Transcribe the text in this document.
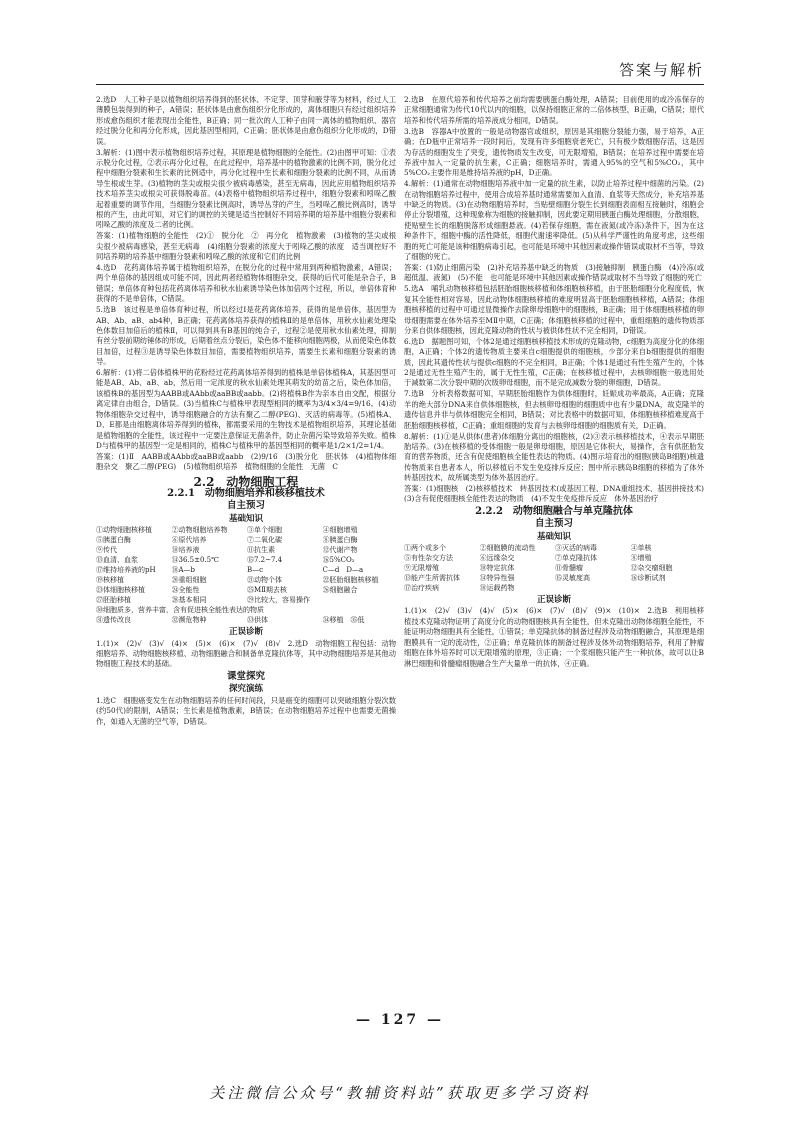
答案与解析

2.选D　人工种子是以植物组织培养得到的胚状体、不定芽、顶芽和腋芽等为材料，经过人工薄膜包装得到的种子，A错误；胚状体是由愈伤组织分化形成的，离体细胞只有经过组织培养形成愈伤组织才能表现出全能性，B正确；同一批次的人工种子由同一离体的植物组织、器官经过脱分化和再分化形成，因此基因型相同，C正确；胚状体是由愈伤组织分化形成的，D错误。

3.解析：(1)图中表示植物组织培养过程，其原理是植物细胞的全能性。(2)由图甲可知：①表示脱分化过程，②表示再分化过程，在此过程中，培养基中的植物激素的比例不同，脱分化过程中细胞分裂素和生长素的比例适中，再分化过程中生长素和细胞分裂素的比例不同，从而诱导生根或生芽。(3)植物的茎尖或根尖很少被病毒感染，甚至无病毒，因此应用植物组织培养技术培养茎尖或根尖可获得脱毒苗。(4)表格中植物组织培养过程中，细胞分裂素和吲哚乙酸起着重要的调节作用，当细胞分裂素比例高时，诱导丛芽的产生，当吲哚乙酸比例高时，诱导根的产生，由此可知，对它们的调控的关键是适当控制好不同培养期的培养基中细胞分裂素和吲哚乙酸的浓度及二者的比例。

答案：(1)植物细胞的全能性　(2)①　脱分化　②　再分化　植物激素　(3)植物的茎尖或根尖很少被病毒感染，甚至无病毒　(4)细胞分裂素的浓度大于吲哚乙酸的浓度　适当调控好不同培养期的培养基中细胞分裂素和吲哚乙酸的浓度和它们的比例

4.选D　花药离体培养属于植物组织培养，在脱分化的过程中常用到两种植物激素，A错误；两个单倍体的基因组成可能不同，因此两者经植物体细胞杂交，获得的后代可能是杂合子，B错误；单倍体育种包括花药离体培养和秋水仙素诱导染色体加倍两个过程，所以，单倍体育种获得的不是单倍体，C错误。

5.选B　该过程是单倍体育种过程，所以经过Ⅰ是花药离体培养，获得的是单倍体，基因型为AB、Ab、aB、ab4种，B正确；花药离体培养获得的植株Ⅱ的是单倍体，用秋水仙素处理染色体数目加倍后的植株Ⅱ，可以得到具有B基因的纯合子，过程②是使用秋水仙素处理，抑制有丝分裂前期纺锤体的形成，后期着丝点分裂后，染色体不能移向细胞两极，从而使染色体数目加倍，过程③是诱导染色体数目加倍，需要植物组织培养，需要生长素和细胞分裂素的诱导。

6.解析：(1)将二倍体植株甲的花粉经过花药离体培养得到的植株是单倍体植株A，其基因型可能是AB、Ab、aB、ab，然后用一定浓度的秋水仙素处理其萌发的幼苗之后，染色体加倍，该植株B的基因型为AABB或AAbb或aaBB或aabb。(2)将植株B作为亲本自由交配，根据分离定律自由组合，D错误。(3)当植株C与植株甲表现型相同的概率为3/4×3/4=9/16。(4)动物体细胞杂交过程中，诱导细胞融合的方法有聚乙二醇(PEG)、灭活的病毒等。(5)植株A、D、E都是由细胞离体培养得到的植株，都需要采用的生物技术是植物组织培养，其理论基础是植物细胞的全能性，该过程中一定要注意保证无菌条件，防止杂菌污染导致培养失败。植株D与植株甲的基因型一定是相同的，植株C与植株甲的基因型相同的概率是1/2×1/2=1/4。

答案：(1)Ⅱ　AABB或AAbb或aaBB或aabb　(2)9/16　(3)脱分化　胚状体　(4)植物体细胞杂交　聚乙二醇(PEG)　(5)植物组织培养　植物细胞的全能性　无菌　C

2.2　动物细胞工程
2.2.1　动物细胞培养和核移植技术
自主预习
基础知识
①动物细胞核移植	②动物细胞培养物	③单个细胞	④细胞增殖
⑤胰蛋白酶	⑥原代培养	⑦二氧化碳	⑧胰蛋白酶
⑨传代	⑩培养液	⑪抗生素	⑫代谢产物
⑬血清、血浆	⑭36.5±0.5℃	⑮7.2~7.4	⑯5%CO₂
⑰维持培养液的pH	⑱A—b	B—c	C—d　D—a
⑲核移植	⑳重组细胞	㉑动物个体	㉒胚胎细胞核移植
㉓体细胞核移植	㉔全能性	㉕MⅡ期去核	㉖细胞融合
㉗胚胎移植	㉘基本相同	㉙比较大，容易操作
㉚细胞质多，营养丰富，含有促进核全能性表达的物质
㉛遗传改良	㉜濒危物种	㉝供体	㉞移植　㉟低
正误诊断

1.(1)×　(2)√　(3)√　(4)×　(5)×　(6)×　(7)√　(8)√　2.选D　动物细胞工程包括：动物细胞培养、动物细胞核移植、动物细胞融合和制备单克隆抗体等，其中动物细胞培养是其他动物细胞工程技术的基础。

课堂探究
探究演练

1.选C　细胞癌变发生在动物细胞培养的任何时间段，只是癌变的细胞可以突破细胞分裂次数(约50代)的限制，A错误；生长素是植物激素，B错误；在动物细胞培养过程中也需要无菌操作，如通入无菌的空气等，D错误。

2.选B　在原代培养和传代培养之前均需要胰蛋白酶处理，A错误；目前使用的或冷冻保存的正常细胞通常为传代10代以内的细胞，以保持细胞正常的二倍体核型，B正确，C错误；原代培养和传代培养所需的培养液成分相同，D错误。

3.选B　容器A中放置的一般是动物器官或组织，原因是其细胞分裂能力强，易于培养，A正确；在D瓶中正常培养一段时间后，发现有许多细胞衰老死亡，只有极少数细胞存活，这是因为存活的细胞发生了突变，遗传物质发生改变，可无限增殖，B错误；在培养过程中需要在培养液中加入一定量的抗生素，C正确；细胞培养时，需通入95%的空气和5%CO₂，其中5%CO₂主要作用是维持培养液的pH，D正确。

4.解析：(1)通常在动物细胞培养液中加一定量的抗生素，以防止培养过程中细菌的污染。(2)在动物细胞培养过程中，使用合成培养基时通常需要加入血清、血浆等天然成分，补充培养基中缺乏的物质。(3)在动物细胞培养时，当贴壁细胞分裂生长到细胞表面相互接触时，细胞会停止分裂增殖，这种现象称为细胞的接触抑制，因此要定期用胰蛋白酶处理细胞，分散细胞，使贴壁生长的细胞脱落形成细胞悬液。(4)若保存细胞，需在液氮(或冷冻)条件下，因为在这种条件下，细胞中酶的活性降低，细胞代谢速率降低。(5)从科学严谨性的角度考虑，这些细胞的死亡可能是该种细胞病毒引起，也可能是环境中其他因素或操作错误或取材不当等，导致了细胞的死亡。

答案：(1)防止细菌污染　(2)补充培养基中缺乏的物质　(3)接触抑制　胰蛋白酶　(4)冷冻(或超低温、液氮)　(5)不能　也可能是环境中其他因素或操作错误或取材不当导致了细胞的死亡

5.选A　哺乳动物核移植包括胚胎细胞核移植和体细胞核移植，由于胚胎细胞分化程度低，恢复其全能性相对容易，因此动物体细胞核移植的难度明显高于胚胎细胞核移植，A错误；体细胞核移植的过程中可通过显微操作去除卵母细胞中的细胞核，B正确；用于体细胞核移植的卵母细胞需要在体外培养至MⅡ中期，C正确；体细胞核移植的过程中，重组细胞的遗传物质部分来自供体细胞核，因此克隆动物的性状与被供体性状不完全相同，D错误。

6.选D　据题图可知，个体2是通过细胞核移植技术形成的克隆动物，c细胞为高度分化的体细胞，A正确；个体2的遗传物质主要来自c细胞提供的细胞核，少部分来自b细胞提供的细胞质，因此其遗传性状与提供c细胞的不完全相同，B正确；个体1是通过有性生殖产生的，个体2是通过无性生殖产生的，属于无性生殖，C正确；在核移植过程中，去核卵细胞一般选用处于减数第二次分裂中期的次级卵母细胞，而不是完成减数分裂的卵细胞，D错误。

7.选B　分析表格数据可知，早期胚胎细胞作为供体细胞时，妊娠成功率最高，A正确；克隆羊的绝大部分DNA来自供体细胞核，但去核卵母细胞的细胞质中也有少量DNA，故克隆羊的遗传信息并非与供体细胞完全相同，B错误；对比表格中的数据可知，体细胞核移植难度高于胚胎细胞核移植，C正确；重组细胞的发育与去核卵母细胞的细胞质有关，D正确。

8.解析：(1)①是从供体(患者)体细胞分离出的细胞核，(2)③表示核移植技术，④表示早期胚胎培养。(3)在核移植的受体细胞一般是卵母细胞，原因是它体积大，易操作，含有供胚胎发育的营养物质，还含有促使细胞核全能性表达的物质。(4)图示培育出的细胞(胰岛B细胞)核遗传物质来自患者本人，所以移植后不发生免疫排斥反应；图中所示胰岛B细胞的移植为了体外转基因技术，故所属类型为体外基因治疗。

答案：(1)细胞核　(2)核移植技术　转基因技术(或基因工程、DNA重组技术、基因拼接技术)　(3)含有促使细胞核全能性表达的物质　(4)不发生免疫排斥反应　体外基因治疗

2.2.2　动物细胞融合与单克隆抗体
自主预习
基础知识
①两个或多个	②细胞膜的流动性	③灭活的病毒	④单核
⑤有性杂交方法	⑥远缘杂交	⑦单克隆抗体	⑧增殖
⑨无限增殖	⑩特定抗体	⑪骨髓瘤	⑫杂交瘤细胞
⑬能产生所需抗体	⑭特异性强	⑮灵敏度高	⑯诊断试剂
⑰治疗疾病	⑱运载药物
正误诊断

1.(1)×　(2)√　(3)√　(4)√　(5)×　(6)×　(7)√　(8)√　(9)×　(10)×　2.选B　利用核移植技术克隆动物证明了高度分化的动物细胞核具有全能性，但未克隆出动物体细胞全能性，不能证明动物细胞具有全能性，①错误；单克隆抗体的制备过程涉及动物细胞融合，其原理是细胞膜具有一定的流动性，②正确；单克隆抗体的制备过程涉及体外动物细胞培养，利用了肿瘤细胞在体外培养时可以无限增殖的原理，③正确；一个浆细胞只能产生一种抗体，故可以让B淋巴细胞和骨髓瘤细胞融合生产大量单一的抗体，④正确。

— 127 —
关注微信公众号“教辅资料站”获取更多学习资料
